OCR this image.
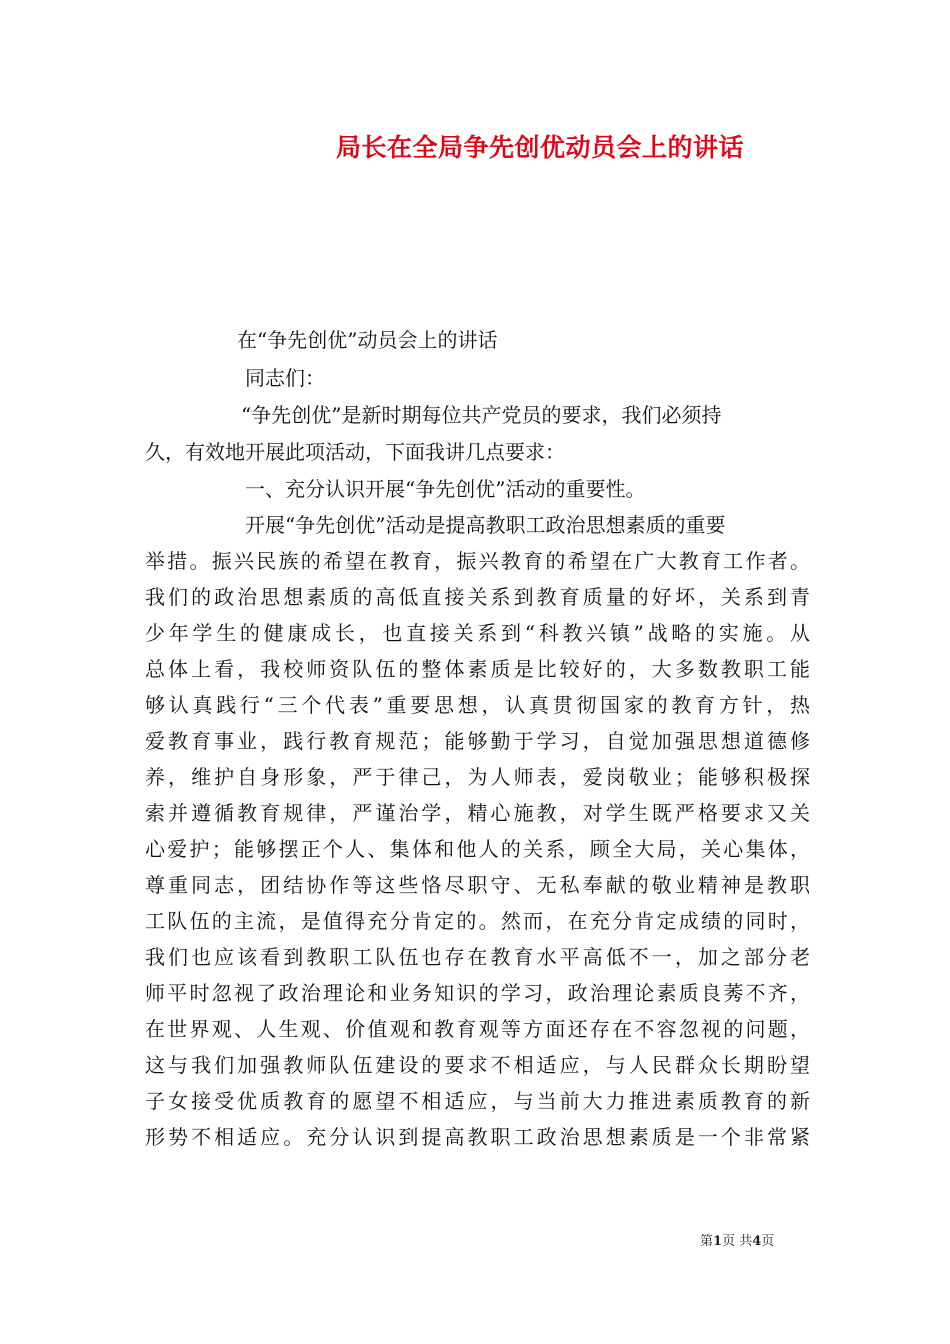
局长在全局争先创优动员会上的讲话
在“争先创优”动员会上的讲话
同志们：
“争先创优”是新时期每位共产党员的要求，我们必须持
久，有效地开展此项活动，下面我讲几点要求：
一、充分认识开展“争先创优”活动的重要性。
开展“争先创优”活动是提高教职工政治思想素质的重要
举措。振兴民族的希望在教育，振兴教育的希望在广大教育工作者。
我们的政治思想素质的高低直接关系到教育质量的好坏，关系到青
少年学生的健康成长，也直接关系到“科教兴镇”战略的实施。从
总体上看，我校师资队伍的整体素质是比较好的，大多数教职工能
够认真践行“三个代表”重要思想，认真贯彻国家的教育方针，热
爱教育事业，践行教育规范；能够勤于学习，自觉加强思想道德修
养，维护自身形象，严于律己，为人师表，爱岗敬业；能够积极探
索并遵循教育规律，严谨治学，精心施教，对学生既严格要求又关
心爱护；能够摆正个人、集体和他人的关系，顾全大局，关心集体，
尊重同志，团结协作等这些恪尽职守、无私奉献的敬业精神是教职
工队伍的主流，是值得充分肯定的。然而，在充分肯定成绩的同时，
我们也应该看到教职工队伍也存在教育水平高低不一，加之部分老
师平时忽视了政治理论和业务知识的学习，政治理论素质良莠不齐，
在世界观、人生观、价值观和教育观等方面还存在不容忽视的问题，
这与我们加强教师队伍建设的要求不相适应，与人民群众长期盼望
子女接受优质教育的愿望不相适应，与当前大力推进素质教育的新
形势不相适应。充分认识到提高教职工政治思想素质是一个非常紧
第1页 共4页
